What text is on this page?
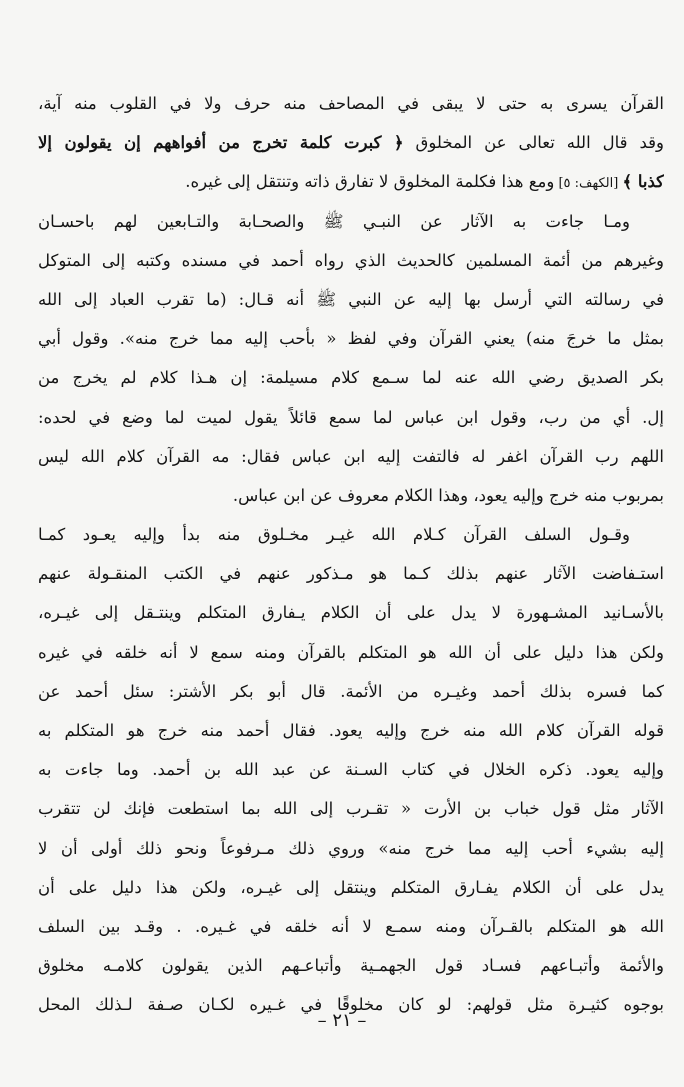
القرآن يسرى به حتى لا يبقى في المصاحف منه حرف ولا في القلوب منه آية،
وقد قال الله تعالى عن المخلوق ﴿ كبرت كلمة تخرج من أفواههم إن يقولون إلا
كذبا ﴾ [الكهف: ٥] ومع هذا فكلمة المخلوق لا تفارق ذاته وتنتقل إلى غيره.
ومـا جاءت به الآثار عن النبـي ﷺ والصحـابة والتـابعين لهم باحسـان
وغيرهم من أئمة المسلمين كالحديث الذي رواه أحمد في مسنده وكتبه إلى المتوكل
في رسالته التي أرسل بها إليه عن النبي ﷺ أنه قـال: (ما تقرب العباد إلى الله
بمثل ما خرجَ منه) يعني القرآن وفي لفظ « بأحب إليه مما خرج منه». وقول أبي
بكر الصديق رضي الله عنه لما سـمع كلام مسيلمة: إن هـذا كلام لم يخرج من
إل. أي من رب، وقول ابن عباس لما سمع قائلاً يقول لميت لما وضع في لحده:
اللهم رب القرآن اغفر له فالتفت إليه ابن عباس فقال: مه القرآن كلام الله ليس
بمربوب منه خرج وإليه يعود، وهذا الكلام معروف عن ابن عباس.
وقـول السلف القرآن كـلام الله غيـر مخـلوق منه بدأ وإليه يعـود كمـا
استـفاضت الآثار عنهم بذلك كـما هو مـذكور عنهم في الكتب المنقـولة عنهم
بالأسـانيد المشـهورة لا يدل على أن الكلام يـفارق المتكلم وينتـقل إلى غيـره،
ولكن هذا دليل على أن الله هو المتكلم بالقرآن ومنه سمع لا أنه خلقه في غيره
كما فسره بذلك أحمد وغيـره من الأئمة. قال أبو بكر الأشتر: سئل أحمد عن
قوله القرآن كلام الله منه خرج وإليه يعود. فقال أحمد منه خرج هو المتكلم به
وإليه يعود. ذكره الخلال في كتاب السـنة عن عبد الله بن أحمد. وما جاءت به
الآثار مثل قول خباب بن الأرت « تقـرب إلى الله بما استطعت فإنك لن تتقرب
إليه بشيء أحب إليه مما خرج منه» وروي ذلك مـرفوعاً ونحو ذلك أولى أن لا
يدل على أن الكلام يفـارق المتكلم وينتقل إلى غيـره، ولكن هذا دليل على أن
الله هو المتكلم بالقـرآن ومنه سمـع لا أنه خلقه في غـيره. . وقـد بين السلف
والأئمة وأتبـاعهم فسـاد قول الجهمـية وأتباعـهم الذين يقولون كلامـه مخلوق
بوجوه كثيـرة مثل قولهم: لو كان مخلوقًا في غـيره لكـان صـفة لـذلك المحل
– ٢١ –
